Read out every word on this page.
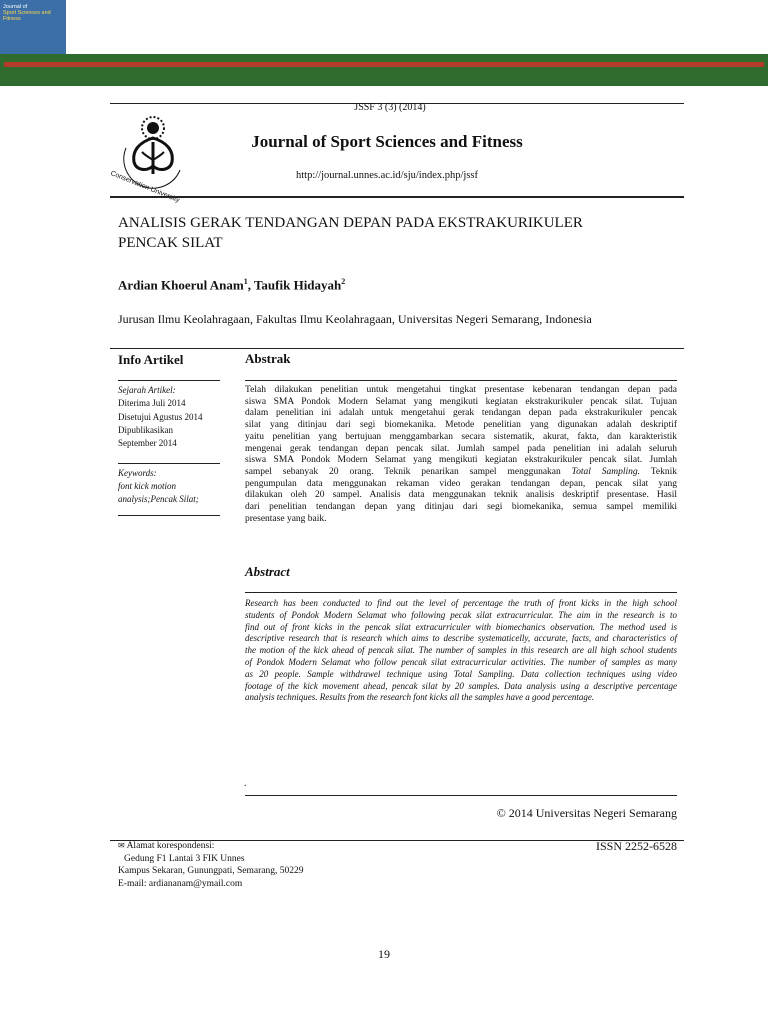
JSSF 3 (3) (2014)
Conservation University
Journal of Sport Sciences and Fitness
http://journal.unnes.ac.id/sju/index.php/jssf
Journal of
Sport Sciences and Fitness
ANALISIS GERAK TENDANGAN DEPAN PADA EKSTRAKURIKULER
PENCAK SILAT
Ardian Khoerul Anam$^1$, Taufik Hidayah$^2$
Jurusan Ilmu Keolahragaan, Fakultas Ilmu Keolahragaan, Universitas Negeri Semarang, Indonesia
Info Artikel
Sejarah Artikel:
Diterima Juli 2014
Disetujui Agustus 2014
Dipublikasikan
September 2014
Keywords:
font kick motion
analysis;Pencak Silat;
Abstrak
Telah dilakukan penelitian untuk mengetahui tingkat presentase kebenaran tendangan depan pada
siswa SMA Pondok Modern Selamat yang mengikuti kegiatan ekstrakurikuler pencak silat. Tujuan
dalam penelitian ini adalah untuk mengetahui gerak tendangan depan pada ekstrakurikuler pencak
silat yang ditinjau dari segi biomekanika. Metode penelitian yang digunakan adalah deskriptif
yaitu penelitian yang bertujuan menggambarkan secara sistematik, akurat, fakta, dan karakteristik
mengenai gerak tendangan depan pencak silat. Jumlah sampel pada penelitian ini adalah seluruh
siswa SMA Pondok Modern Selamat yang mengikuti kegiatan ekstrakurikuler pencak silat. Jumlah
sampel sebanyak 20 orang. Teknik penarikan sampel menggunakan Total Sampling. Teknik
pengumpulan data menggunakan rekaman video gerakan tendangan depan, pencak silat yang
dilakukan oleh 20 sampel. Analisis data menggunakan teknik analisis deskriptif presentase. Hasil
dari penelitian tendangan depan yang ditinjau dari segi biomekanika, semua sampel memiliki
presentase yang baik.
Abstract
Research has been conducted to find out the level of percentage the truth of front kicks in the high school
students of Pondok Modern Selamat who following pecak silat extracurricular. The aim in the research is to
find out of front kicks in the pencak silat extracurriculer with biomechanics observation. The method used is
descriptive research that is research which aims to describe systematicelly, accurate, facts, and characteristics of
the motion of the kick ahead of pencak silat. The number of samples in this research are all high school students
of Pondok Modern Selamat who follow pencak silat extracurricular activities. The number of samples as many
as 20 people. Sample withdrawel technique using Total Sampling. Data collection techniques using video
footage of the kick movement ahead, pencak silat by 20 samples. Data analysis using a descriptive percentage
analysis techniques. Results from the research font kicks all the samples have a good percentage.
.
© 2014 Universitas Negeri Semarang
✉ Alamat korespondensi:
Gedung F1 Lantai 3 FIK Unnes
Kampus Sekaran, Gunungpati, Semarang, 50229
E-mail: ardiananam@ymail.com
ISSN 2252-6528
19
